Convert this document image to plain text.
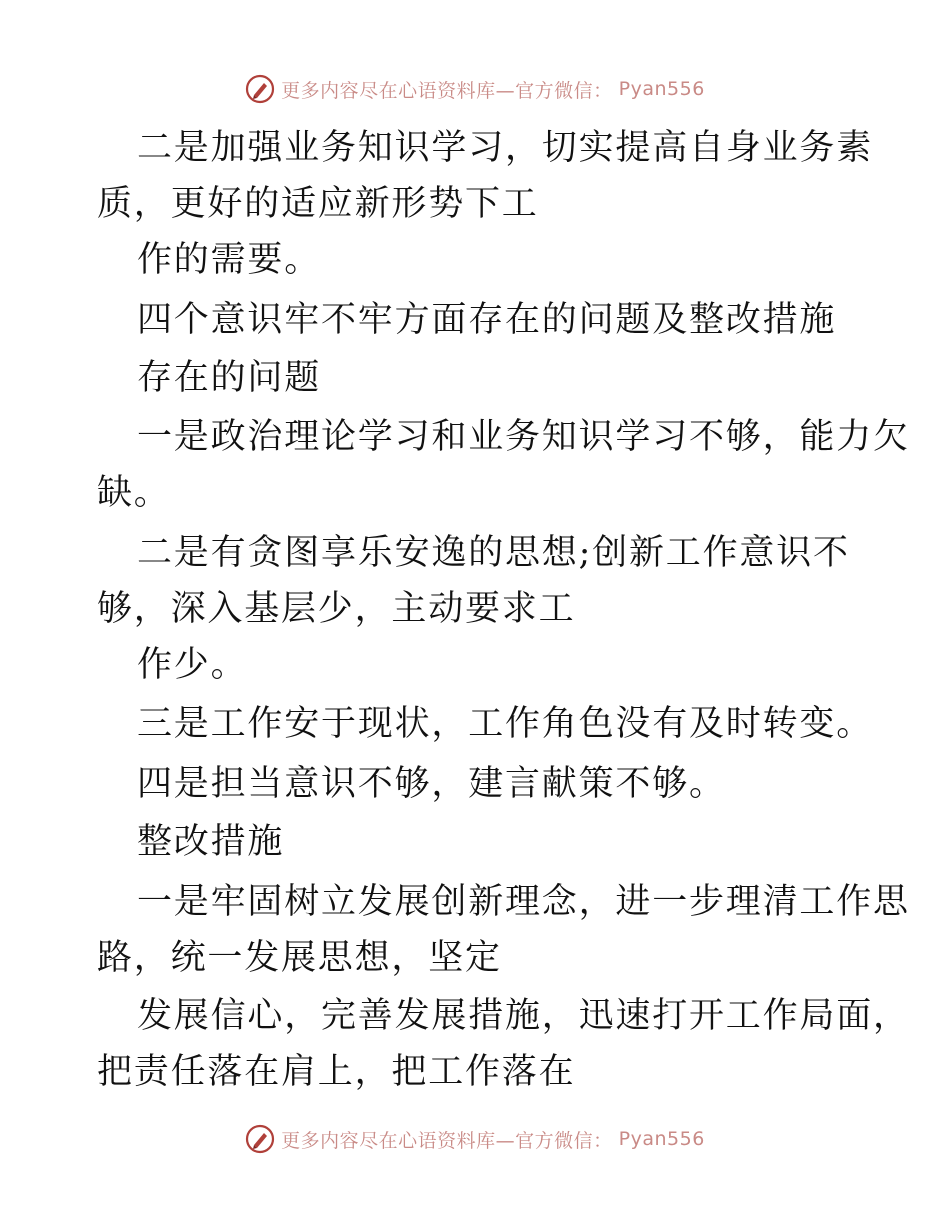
更多内容尽在心语资料库—官方微信： Pyan556
二是加强业务知识学习，切实提高自身业务素
质，更好的适应新形势下工
作的需要。
四个意识牢不牢方面存在的问题及整改措施
存在的问题
一是政治理论学习和业务知识学习不够，能力欠
缺。
二是有贪图享乐安逸的思想;创新工作意识不
够，深入基层少，主动要求工
作少。
三是工作安于现状，工作角色没有及时转变。
四是担当意识不够，建言献策不够。
整改措施
一是牢固树立发展创新理念，进一步理清工作思
路，统一发展思想，坚定
发展信心，完善发展措施，迅速打开工作局面，
把责任落在肩上，把工作落在
更多内容尽在心语资料库—官方微信： Pyan556
